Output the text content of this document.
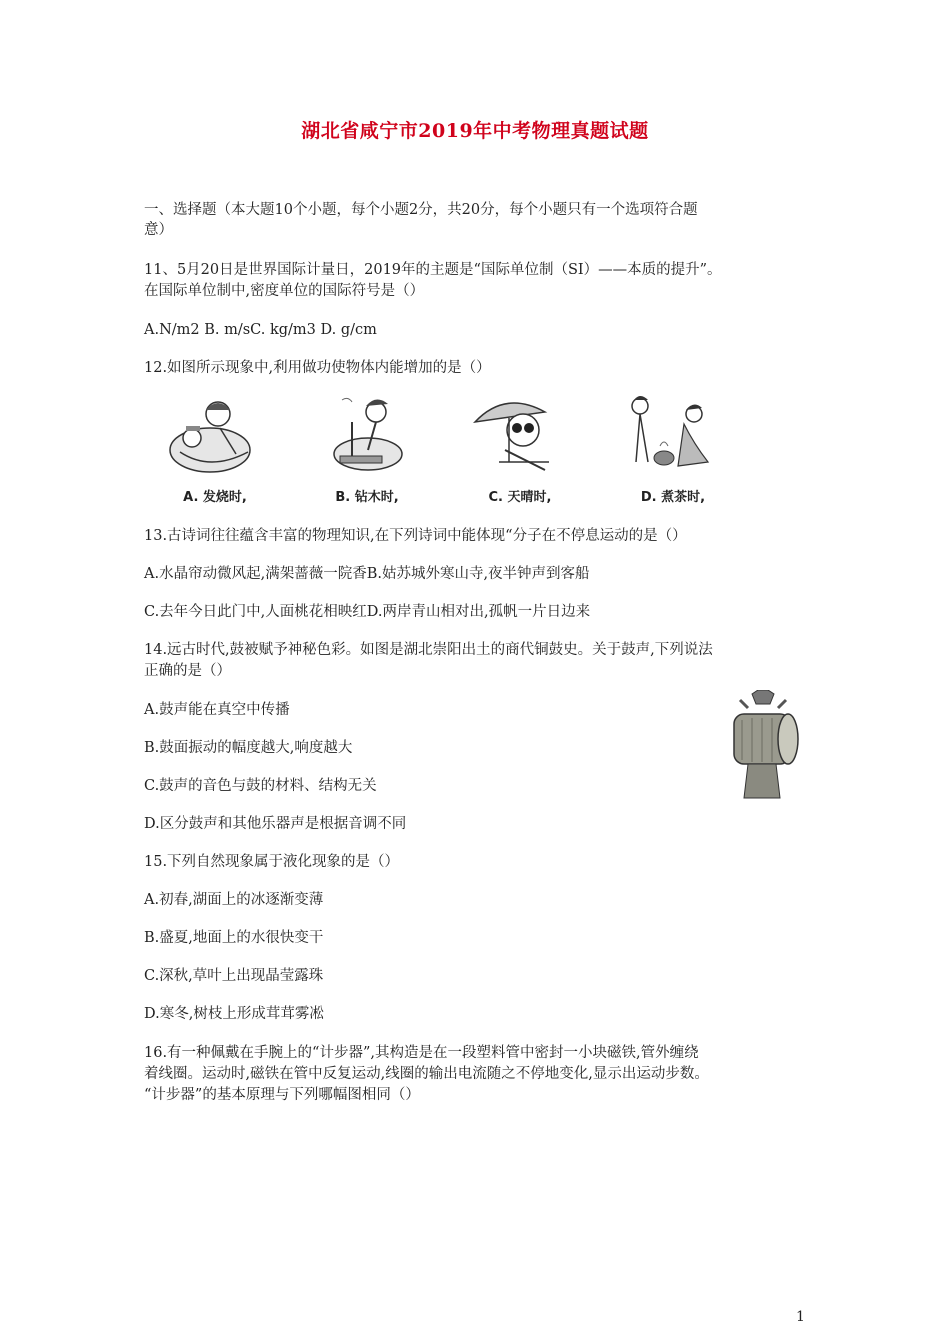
湖北省咸宁市2019年中考物理真题试题
一、选择题（本大题10个小题，每个小题2分，共20分，每个小题只有一个选项符合题
意）
11、5月20日是世界国际计量日，2019年的主题是“国际单位制（SI）——本质的提升”。
在国际单位制中,密度单位的国际符号是（）
A.N/m2 B. m/sC. kg/m3 D. g/cm
12.如图所示现象中,利用做功使物体内能增加的是（）
A. 发烧时,	B. 钻木时,	C. 天晴时,	D. 煮茶时,
13.古诗词往往蕴含丰富的物理知识,在下列诗词中能体现“分子在不停息运动的是（）
A.水晶帘动微风起,满架蔷薇一院香B.姑苏城外寒山寺,夜半钟声到客船
C.去年今日此门中,人面桃花相映红D.两岸青山相对出,孤帆一片日边来
14.远古时代,鼓被赋予神秘色彩。如图是湖北崇阳出土的商代铜鼓史。关于鼓声,下列说法
正确的是（）
A.鼓声能在真空中传播
B.鼓面振动的幅度越大,响度越大
C.鼓声的音色与鼓的材料、结构无关
D.区分鼓声和其他乐器声是根据音调不同
15.下列自然现象属于液化现象的是（）
A.初春,湖面上的冰逐渐变薄
B.盛夏,地面上的水很快变干
C.深秋,草叶上出现晶莹露珠
D.寒冬,树枝上形成茸茸雾凇
16.有一种佩戴在手腕上的“计步器”,其构造是在一段塑料管中密封一小块磁铁,管外缠绕
着线圈。运动时,磁铁在管中反复运动,线圈的输出电流随之不停地变化,显示出运动步数。
“计步器”的基本原理与下列哪幅图相同（）
1
